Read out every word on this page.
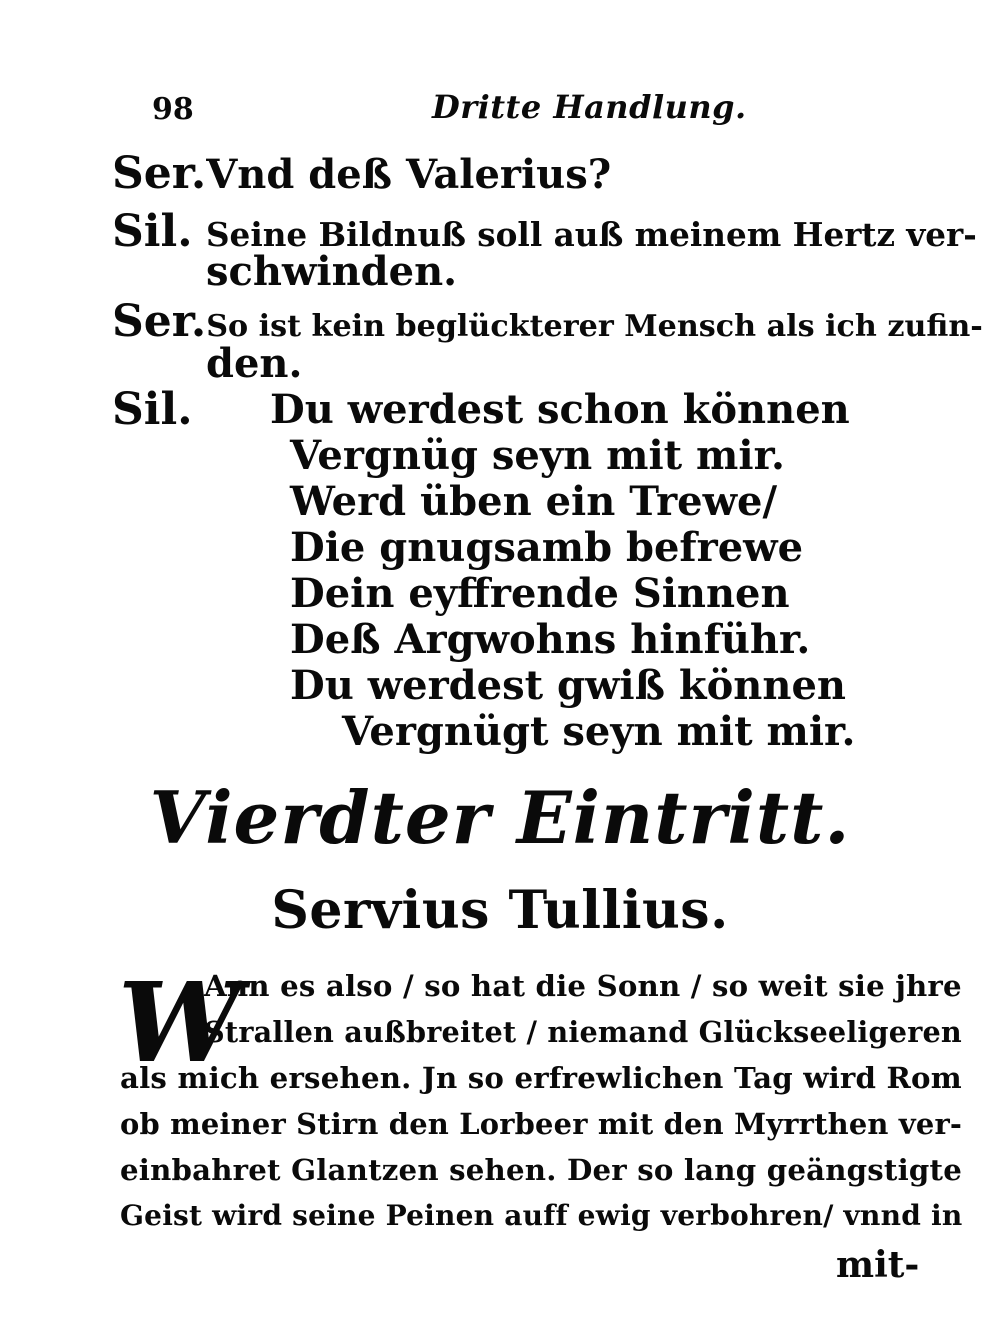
98	Dritte Handlung.
Ser.Vnd deß Valerius?
Sil. Seine Bildnuß soll auß meinem Hertz ver-
schwinden.
Ser.So ist kein beglückterer Mensch als ich zufin-
den.
Sil. Du werdest schon können
Vergnüg seyn mit mir.
Werd üben ein Trewe/
Die gnugsamb befrewe
Dein eyffrende Sinnen
Deß Argwohns hinführ.
Du werdest gwiß können
Vergnügt seyn mit mir.
Vierdter Eintritt.
Servius Tullius.
W
Ann es also / so hat die Sonn / so weit sie jhre
Strallen außbreitet / niemand Glückseeligeren
als mich ersehen. Jn so erfrewlichen Tag wird Rom
ob meiner Stirn den Lorbeer mit den Myrrthen ver-
einbahret Glantzen sehen. Der so lang geängstigte
Geist wird seine Peinen auff ewig verbohren/ vnnd in
mit-
